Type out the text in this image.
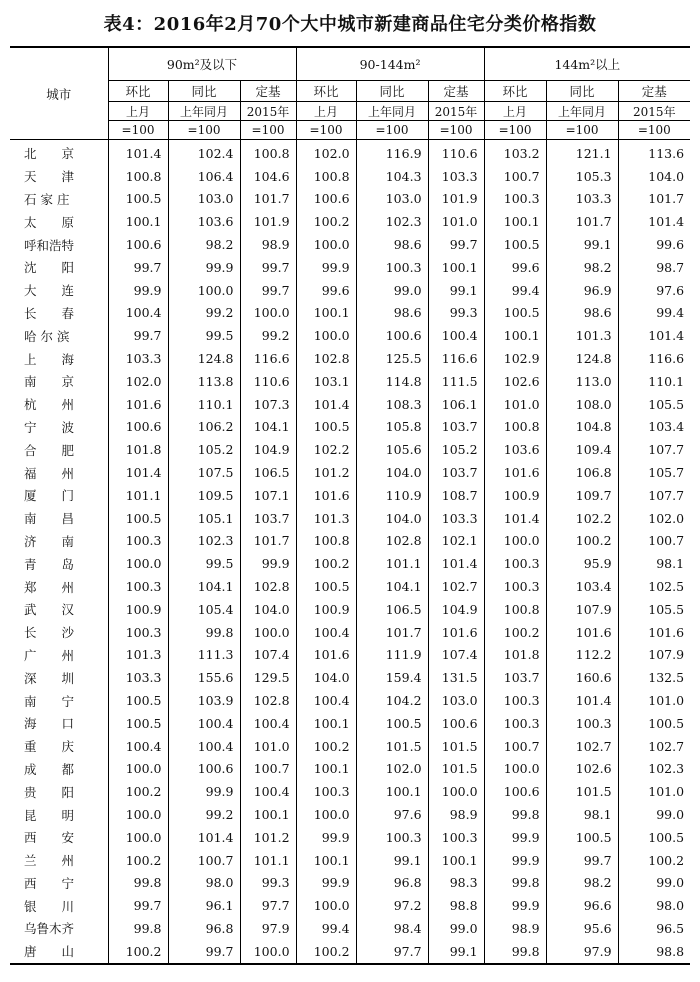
表4：2016年2月70个大中城市新建商品住宅分类价格指数
城市	90m²及以下			90-144m²			144m²以上		
	环比	同比	定基	环比	同比	定基	环比	同比	定基
	上月	上年同月	2015年	上月	上年同月	2015年	上月	上年同月	2015年
	=100	=100	=100	=100	=100	=100	=100	=100	=100
北　　京	101.4	102.4	100.8	102.0	116.9	110.6	103.2	121.1	113.6
天　　津	100.8	106.4	104.6	100.8	104.3	103.3	100.7	105.3	104.0
石 家 庄	100.5	103.0	101.7	100.6	103.0	101.9	100.3	103.3	101.7
太　　原	100.1	103.6	101.9	100.2	102.3	101.0	100.1	101.7	101.4
呼和浩特	100.6	98.2	98.9	100.0	98.6	99.7	100.5	99.1	99.6
沈　　阳	99.7	99.9	99.7	99.9	100.3	100.1	99.6	98.2	98.7
大　　连	99.9	100.0	99.7	99.6	99.0	99.1	99.4	96.9	97.6
长　　春	100.4	99.2	100.0	100.1	98.6	99.3	100.5	98.6	99.4
哈 尔 滨	99.7	99.5	99.2	100.0	100.6	100.4	100.1	101.3	101.4
上　　海	103.3	124.8	116.6	102.8	125.5	116.6	102.9	124.8	116.6
南　　京	102.0	113.8	110.6	103.1	114.8	111.5	102.6	113.0	110.1
杭　　州	101.6	110.1	107.3	101.4	108.3	106.1	101.0	108.0	105.5
宁　　波	100.6	106.2	104.1	100.5	105.8	103.7	100.8	104.8	103.4
合　　肥	101.8	105.2	104.9	102.2	105.6	105.2	103.6	109.4	107.7
福　　州	101.4	107.5	106.5	101.2	104.0	103.7	101.6	106.8	105.7
厦　　门	101.1	109.5	107.1	101.6	110.9	108.7	100.9	109.7	107.7
南　　昌	100.5	105.1	103.7	101.3	104.0	103.3	101.4	102.2	102.0
济　　南	100.3	102.3	101.7	100.8	102.8	102.1	100.0	100.2	100.7
青　　岛	100.0	99.5	99.9	100.2	101.1	101.4	100.3	95.9	98.1
郑　　州	100.3	104.1	102.8	100.5	104.1	102.7	100.3	103.4	102.5
武　　汉	100.9	105.4	104.0	100.9	106.5	104.9	100.8	107.9	105.5
长　　沙	100.3	99.8	100.0	100.4	101.7	101.6	100.2	101.6	101.6
广　　州	101.3	111.3	107.4	101.6	111.9	107.4	101.8	112.2	107.9
深　　圳	103.3	155.6	129.5	104.0	159.4	131.5	103.7	160.6	132.5
南　　宁	100.5	103.9	102.8	100.4	104.2	103.0	100.3	101.4	101.0
海　　口	100.5	100.4	100.4	100.1	100.5	100.6	100.3	100.3	100.5
重　　庆	100.4	100.4	101.0	100.2	101.5	101.5	100.7	102.7	102.7
成　　都	100.0	100.6	100.7	100.1	102.0	101.5	100.0	102.6	102.3
贵　　阳	100.2	99.9	100.4	100.3	100.1	100.0	100.6	101.5	101.0
昆　　明	100.0	99.2	100.1	100.0	97.6	98.9	99.8	98.1	99.0
西　　安	100.0	101.4	101.2	99.9	100.3	100.3	99.9	100.5	100.5
兰　　州	100.2	100.7	101.1	100.1	99.1	100.1	99.9	99.7	100.2
西　　宁	99.8	98.0	99.3	99.9	96.8	98.3	99.8	98.2	99.0
银　　川	99.7	96.1	97.7	100.0	97.2	98.8	99.9	96.6	98.0
乌鲁木齐	99.8	96.8	97.9	99.4	98.4	99.0	98.9	95.6	96.5
唐　　山	100.2	99.7	100.0	100.2	97.7	99.1	99.8	97.9	98.8
